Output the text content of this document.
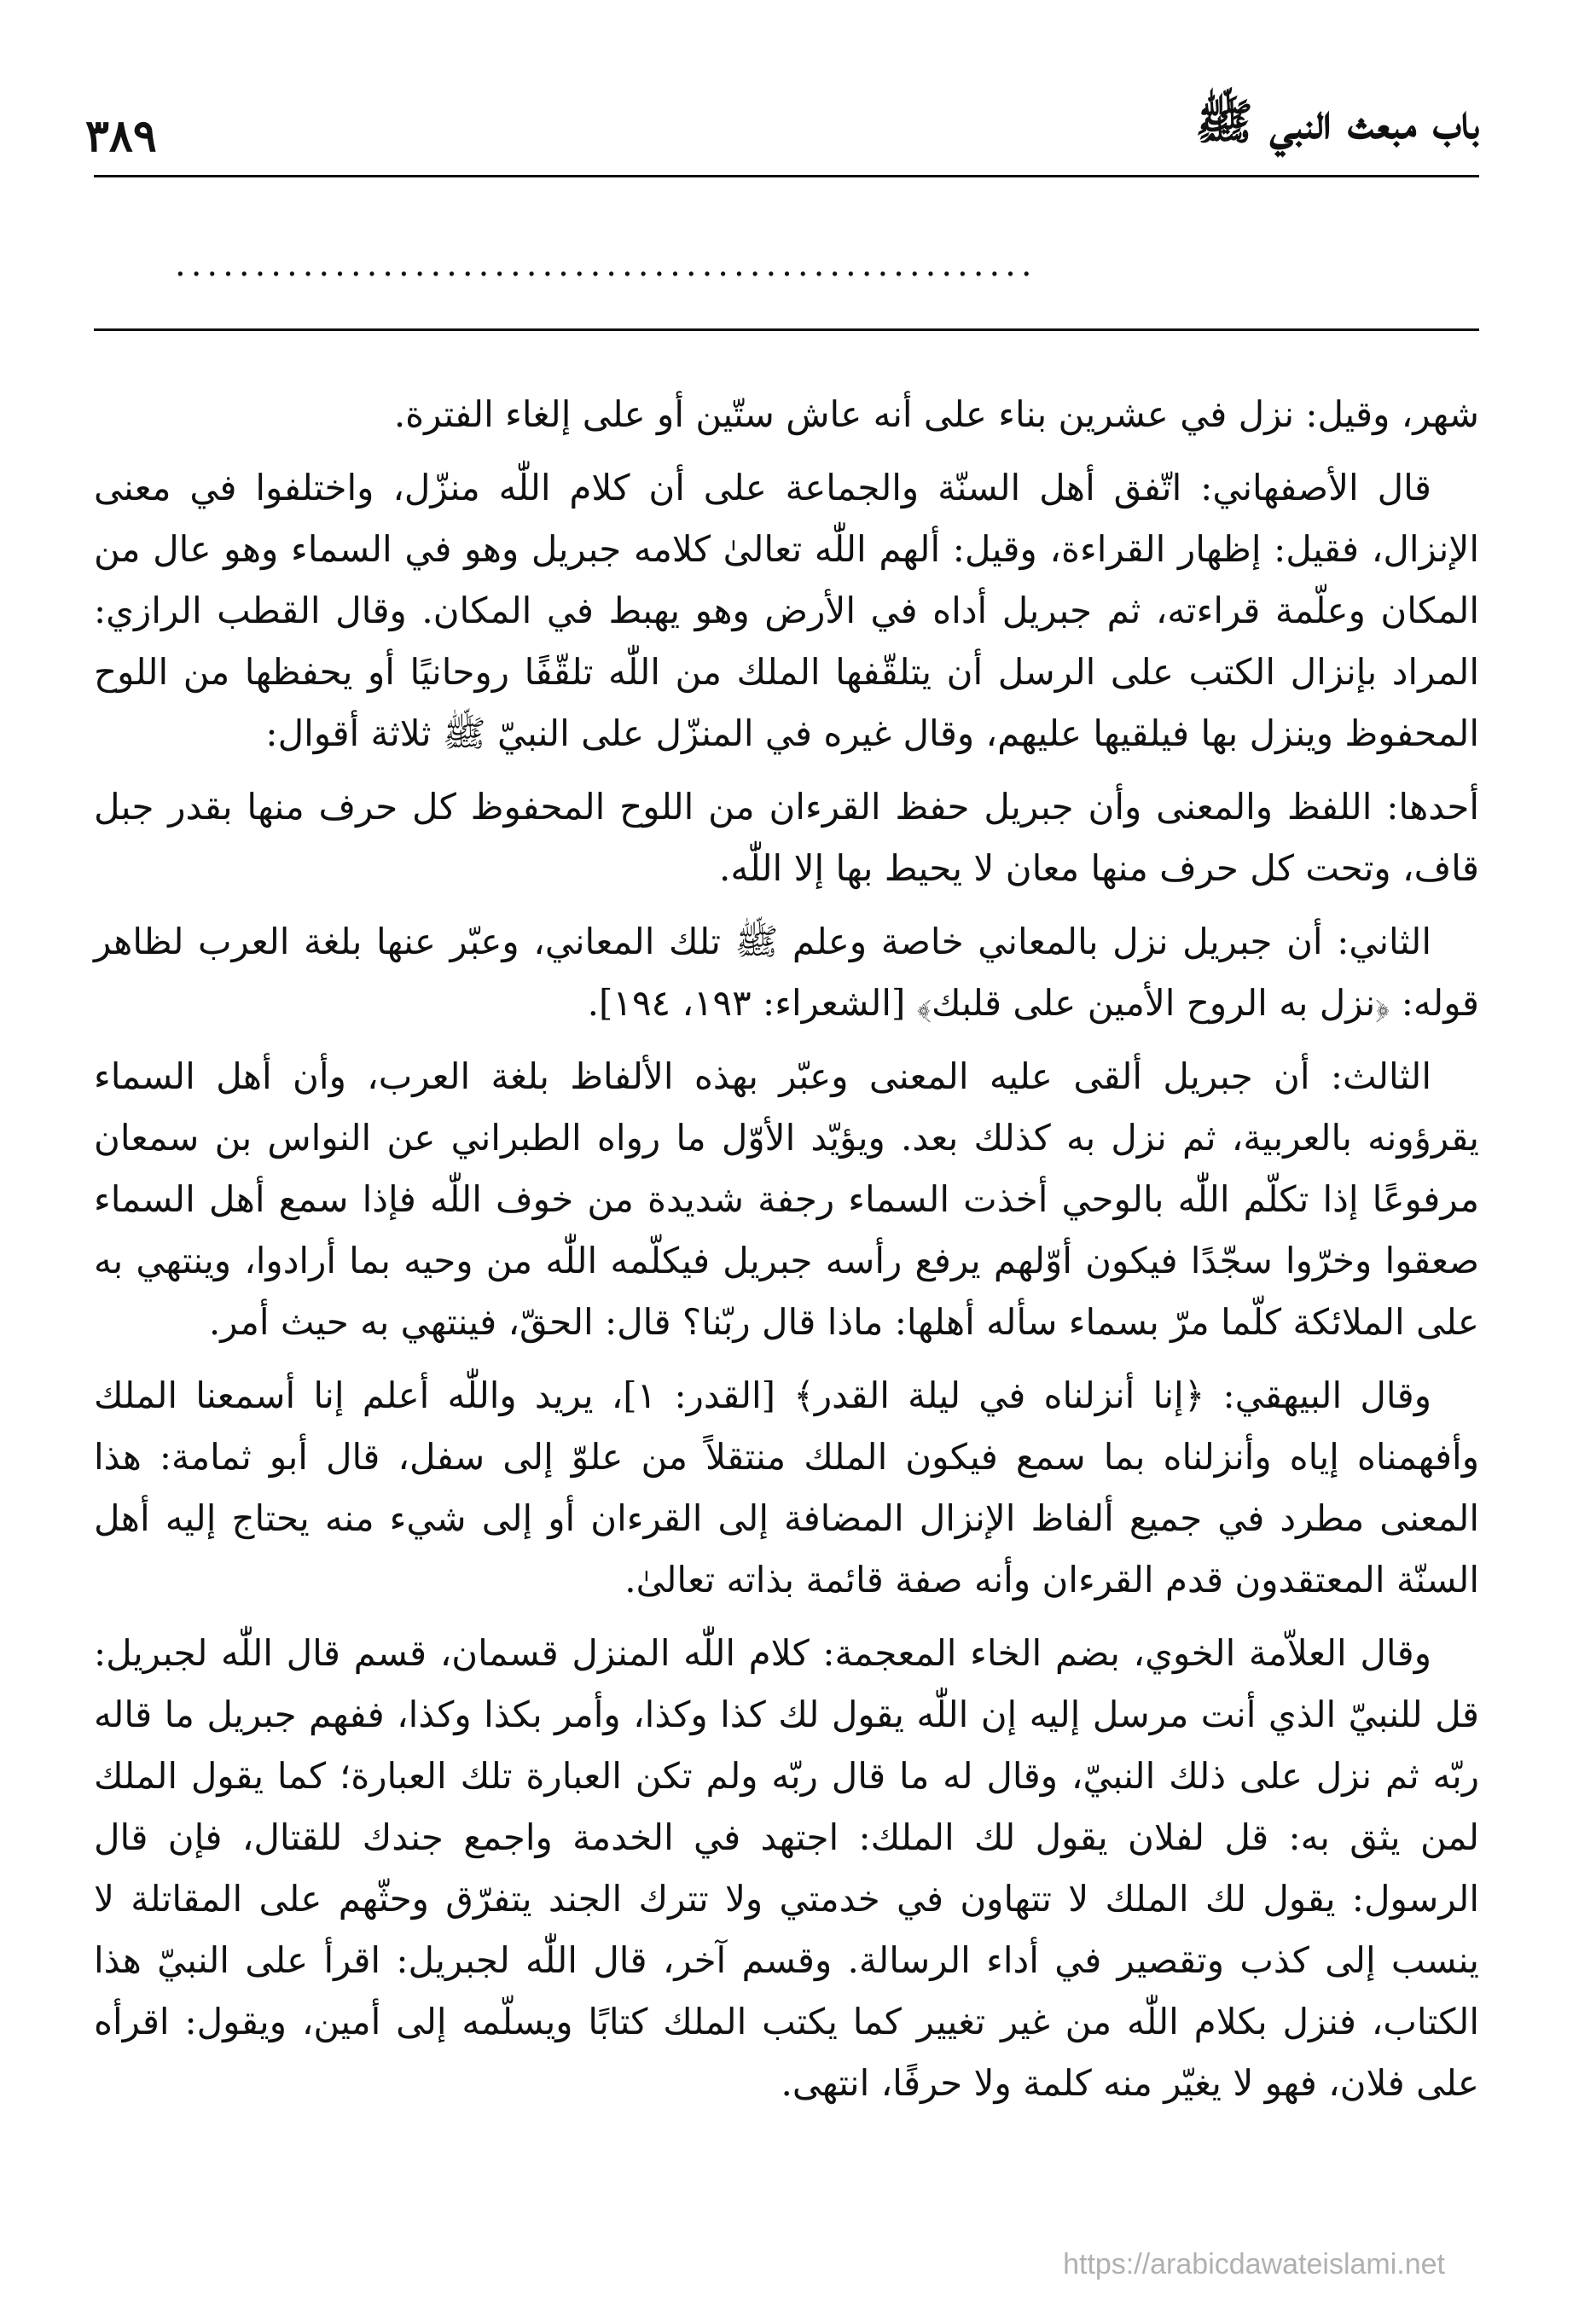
٣٨٩	باب مبعث النبي ﷺ
......................................................

شهر، وقيل: نزل في عشرين بناء على أنه عاش ستّين أو على إلغاء الفترة.

قال الأصفهاني: اتّفق أهل السنّة والجماعة على أن كلام اللّٰه منزّل، واختلفوا في معنى الإنزال، فقيل: إظهار القراءة، وقيل: ألهم اللّٰه تعالىٰ كلامه جبريل وهو في السماء وهو عال من المكان وعلّمة قراءته، ثم جبريل أداه في الأرض وهو يهبط في المكان. وقال القطب الرازي: المراد بإنزال الكتب على الرسل أن يتلقّفها الملك من اللّٰه تلقّفًا روحانيًا أو يحفظها من اللوح المحفوظ وينزل بها فيلقيها عليهم، وقال غيره في المنزّل على النبيّ ﷺ ثلاثة أقوال:

أحدها: اللفظ والمعنى وأن جبريل حفظ القرءان من اللوح المحفوظ كل حرف منها بقدر جبل قاف، وتحت كل حرف منها معان لا يحيط بها إلا اللّٰه.

الثاني: أن جبريل نزل بالمعاني خاصة وعلم ﷺ تلك المعاني، وعبّر عنها بلغة العرب لظاهر قوله: ﴿نزل به الروح الأمين على قلبك﴾ [الشعراء: ١٩٣، ١٩٤].

الثالث: أن جبريل ألقى عليه المعنى وعبّر بهذه الألفاظ بلغة العرب، وأن أهل السماء يقرؤونه بالعربية، ثم نزل به كذلك بعد. ويؤيّد الأوّل ما رواه الطبراني عن النواس بن سمعان مرفوعًا إذا تكلّم اللّٰه بالوحي أخذت السماء رجفة شديدة من خوف اللّٰه فإذا سمع أهل السماء صعقوا وخرّوا سجّدًا فيكون أوّلهم يرفع رأسه جبريل فيكلّمه اللّٰه من وحيه بما أرادوا، وينتهي به على الملائكة كلّما مرّ بسماء سأله أهلها: ماذا قال ربّنا؟ قال: الحقّ، فينتهي به حيث أمر.

وقال البيهقي: ﴿إنا أنزلناه في ليلة القدر﴾ [القدر: ١]، يريد واللّٰه أعلم إنا أسمعنا الملك وأفهمناه إياه وأنزلناه بما سمع فيكون الملك منتقلاً من علوّ إلى سفل، قال أبو ثمامة: هذا المعنى مطرد في جميع ألفاظ الإنزال المضافة إلى القرءان أو إلى شيء منه يحتاج إليه أهل السنّة المعتقدون قدم القرءان وأنه صفة قائمة بذاته تعالىٰ.

وقال العلاّمة الخوي، بضم الخاء المعجمة: كلام اللّٰه المنزل قسمان، قسم قال اللّٰه لجبريل: قل للنبيّ الذي أنت مرسل إليه إن اللّٰه يقول لك كذا وكذا، وأمر بكذا وكذا، ففهم جبريل ما قاله ربّه ثم نزل على ذلك النبيّ، وقال له ما قال ربّه ولم تكن العبارة تلك العبارة؛ كما يقول الملك لمن يثق به: قل لفلان يقول لك الملك: اجتهد في الخدمة واجمع جندك للقتال، فإن قال الرسول: يقول لك الملك لا تتهاون في خدمتي ولا تترك الجند يتفرّق وحثّهم على المقاتلة لا ينسب إلى كذب وتقصير في أداء الرسالة. وقسم آخر، قال اللّٰه لجبريل: اقرأ على النبيّ هذا الكتاب، فنزل بكلام اللّٰه من غير تغيير كما يكتب الملك كتابًا ويسلّمه إلى أمين، ويقول: اقرأه على فلان، فهو لا يغيّر منه كلمة ولا حرفًا، انتهى.

https://arabicdawateislami.net
